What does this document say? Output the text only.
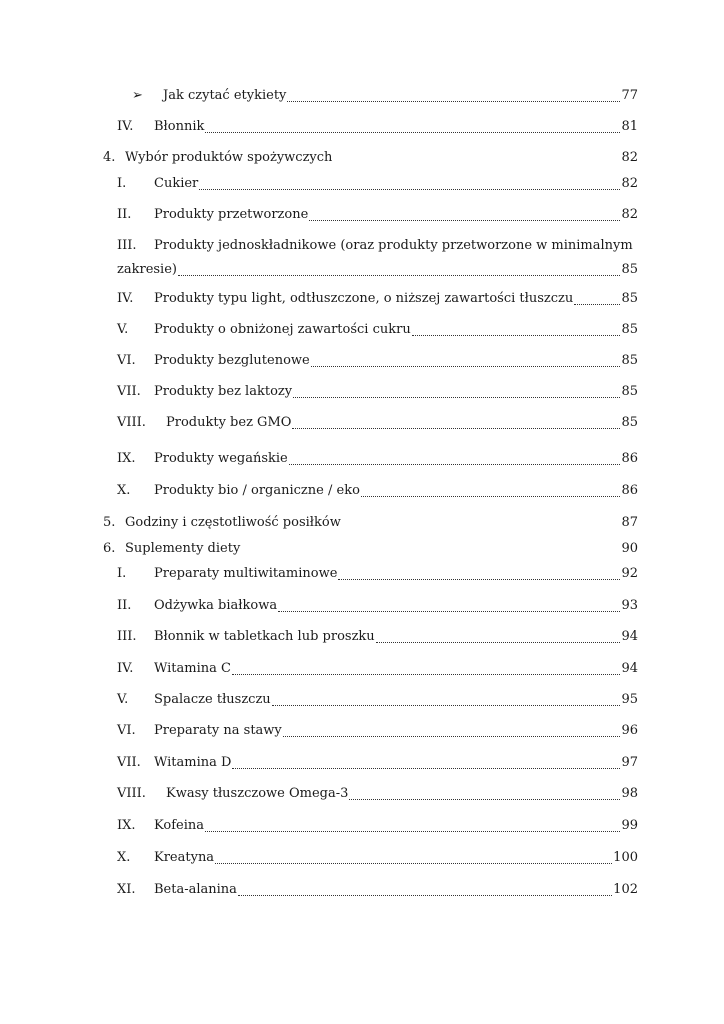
➢	Jak czytać etykiety	77
IV.	Błonnik	81
4. Wybór produktów spożywczych	82
I.	Cukier	82
II.	Produkty przetworzone	82
III.	Produkty jednoskładnikowe (oraz produkty przetworzone w minimalnym
zakresie)	85
IV.	Produkty typu light, odtłuszczone, o niższej zawartości tłuszczu	85
V.	Produkty o obniżonej zawartości cukru	85
VI.	Produkty bezglutenowe	85
VII.	Produkty bez laktozy	85
VIII.	Produkty bez GMO	85
IX.	Produkty wegańskie	86
X.	Produkty bio / organiczne / eko	86
5. Godziny i częstotliwość posiłków	87
6. Suplementy diety	90
I.	Preparaty multiwitaminowe	92
II.	Odżywka białkowa	93
III.	Błonnik w tabletkach lub proszku	94
IV.	Witamina C	94
V.	Spalacze tłuszczu	95
VI.	Preparaty na stawy	96
VII.	Witamina D	97
VIII.	Kwasy tłuszczowe Omega-3	98
IX.	Kofeina	99
X.	Kreatyna	100
XI.	Beta-alanina	102
